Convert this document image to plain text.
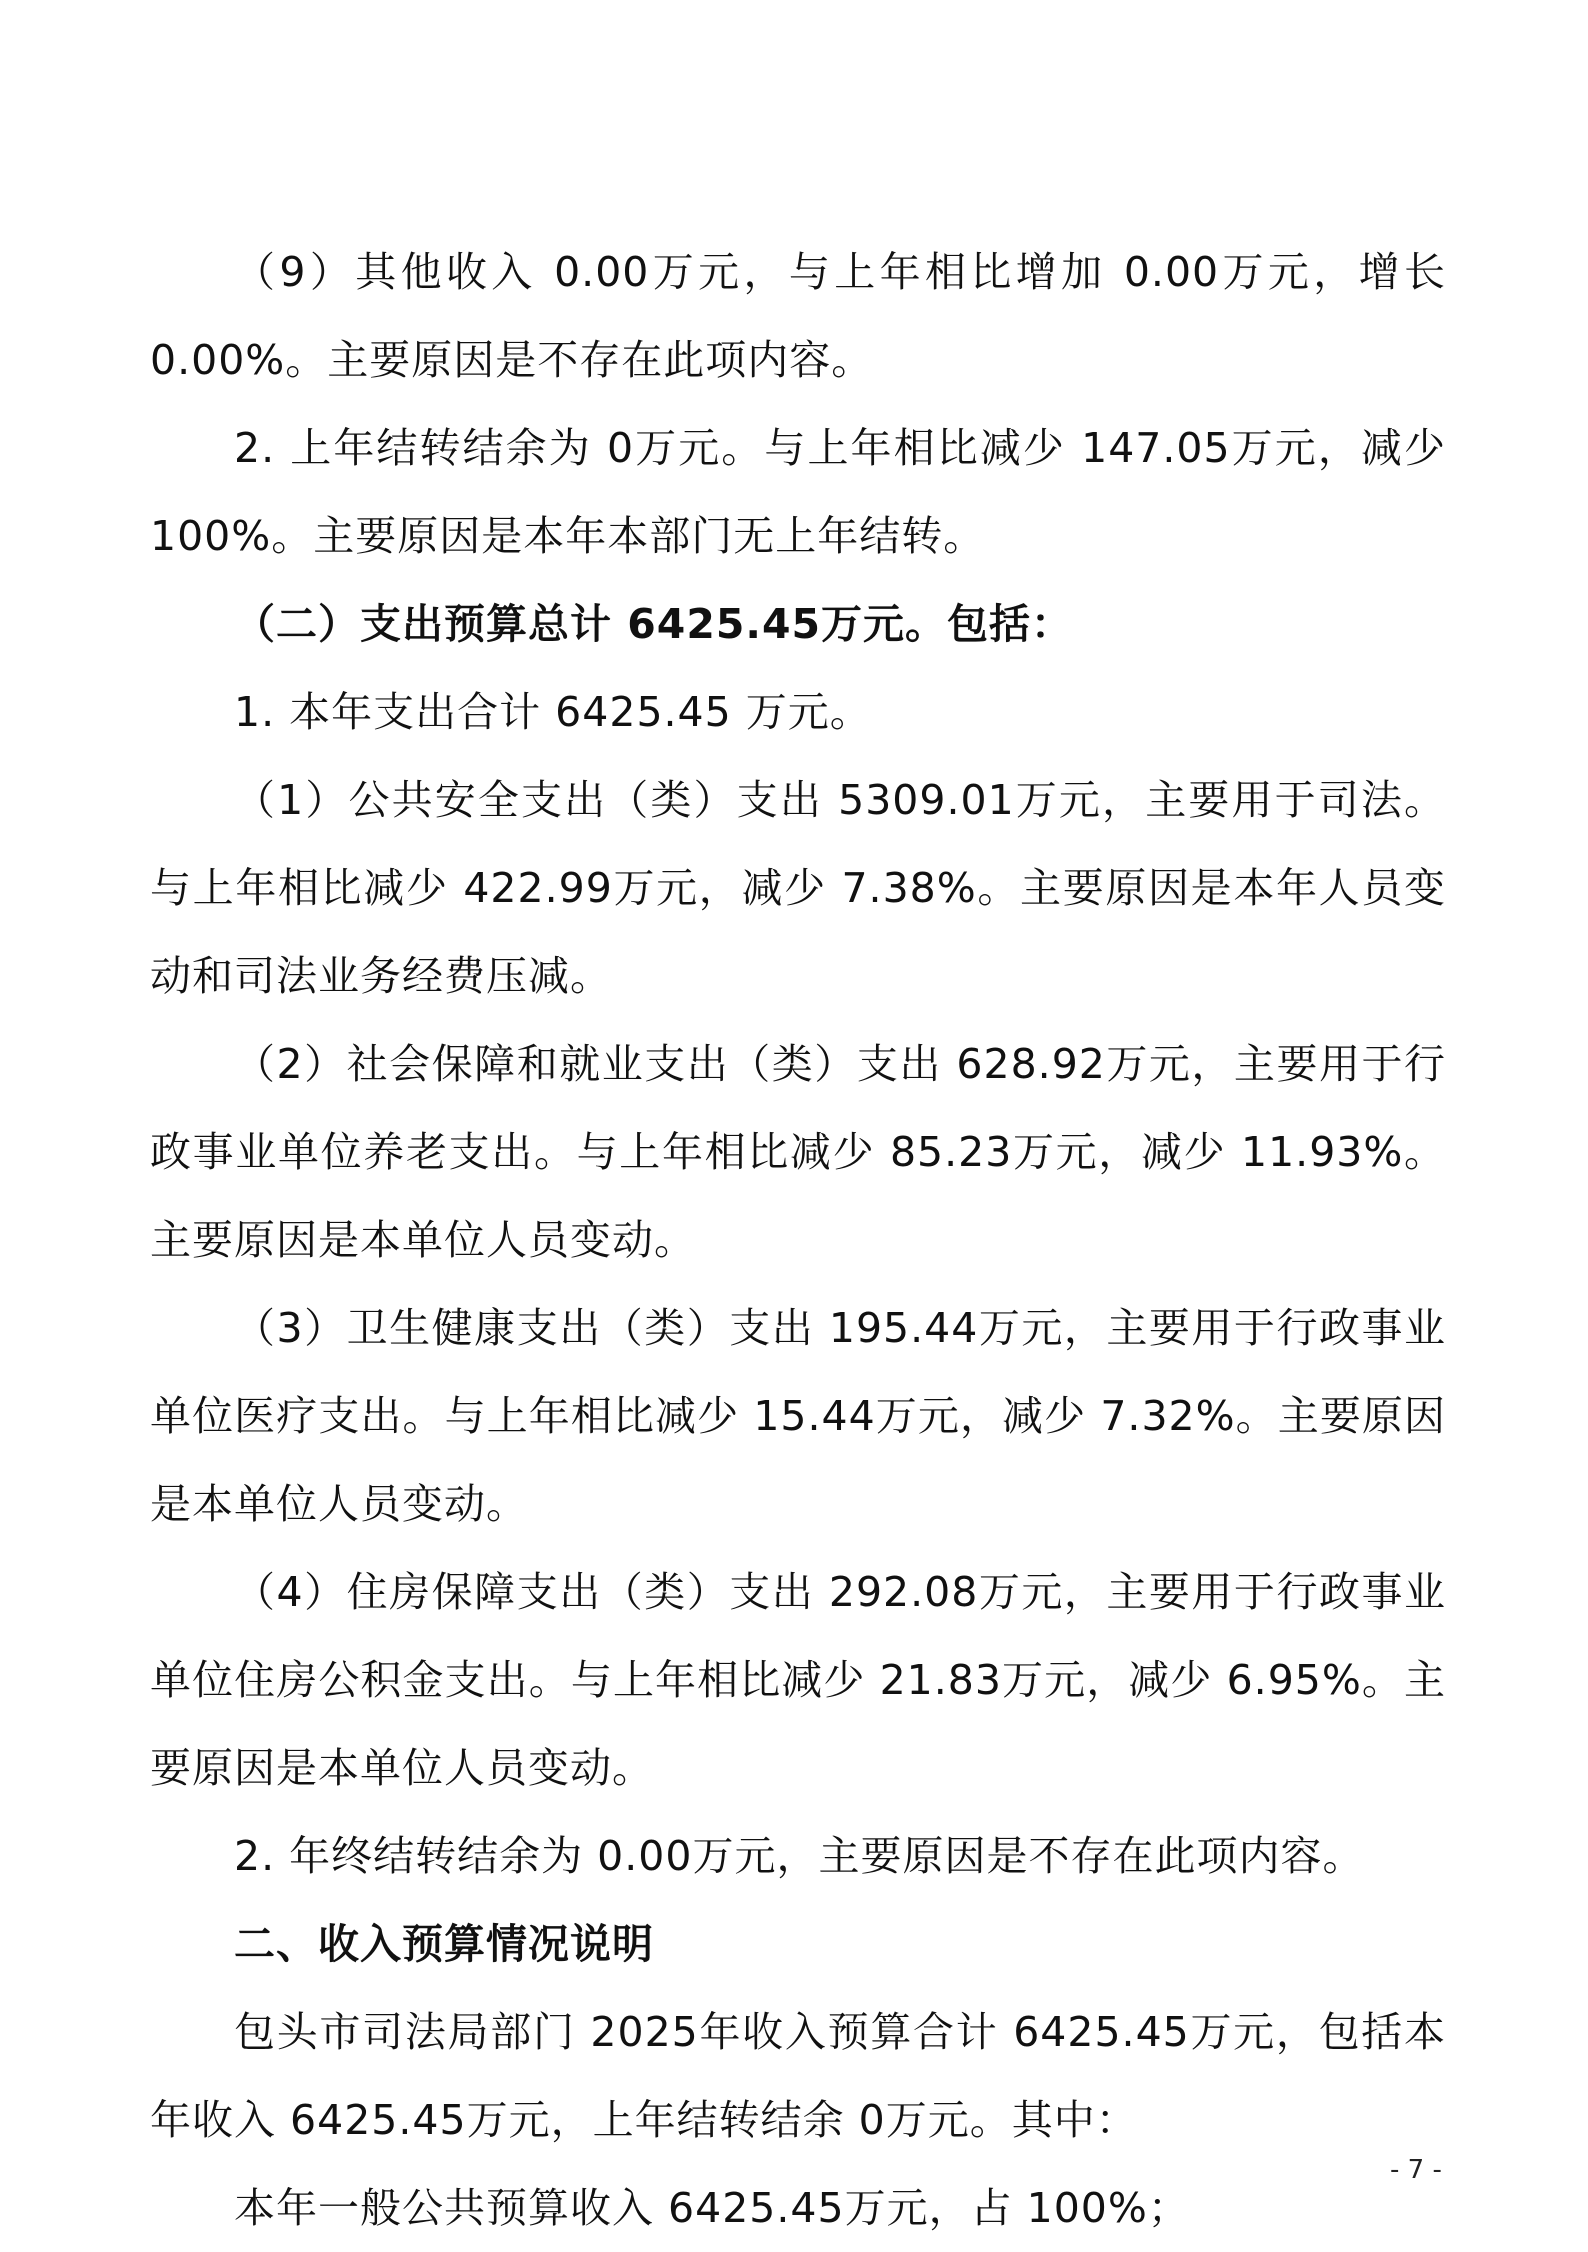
（9）其他收入 0.00万元，与上年相比增加 0.00万元，增长 0.00%。主要原因是不存在此项内容。

2. 上年结转结余为 0万元。与上年相比减少 147.05万元，减少100%。主要原因是本年本部门无上年结转。

（二）支出预算总计 6425.45万元。包括：

1. 本年支出合计 6425.45 万元。

（1）公共安全支出（类）支出 5309.01万元，主要用于司法。与上年相比减少 422.99万元，减少 7.38%。主要原因是本年人员变动和司法业务经费压减。

（2）社会保障和就业支出（类）支出 628.92万元，主要用于行政事业单位养老支出。与上年相比减少 85.23万元，减少 11.93%。主要原因是本单位人员变动。

（3）卫生健康支出（类）支出 195.44万元，主要用于行政事业单位医疗支出。与上年相比减少 15.44万元，减少 7.32%。主要原因是本单位人员变动。

（4）住房保障支出（类）支出 292.08万元，主要用于行政事业单位住房公积金支出。与上年相比减少 21.83万元，减少 6.95%。主要原因是本单位人员变动。

2. 年终结转结余为 0.00万元，主要原因是不存在此项内容。

二、收入预算情况说明

包头市司法局部门 2025年收入预算合计 6425.45万元，包括本年收入 6425.45万元，上年结转结余 0万元。其中：

本年一般公共预算收入 6425.45万元，占 100%；

- 7 -
